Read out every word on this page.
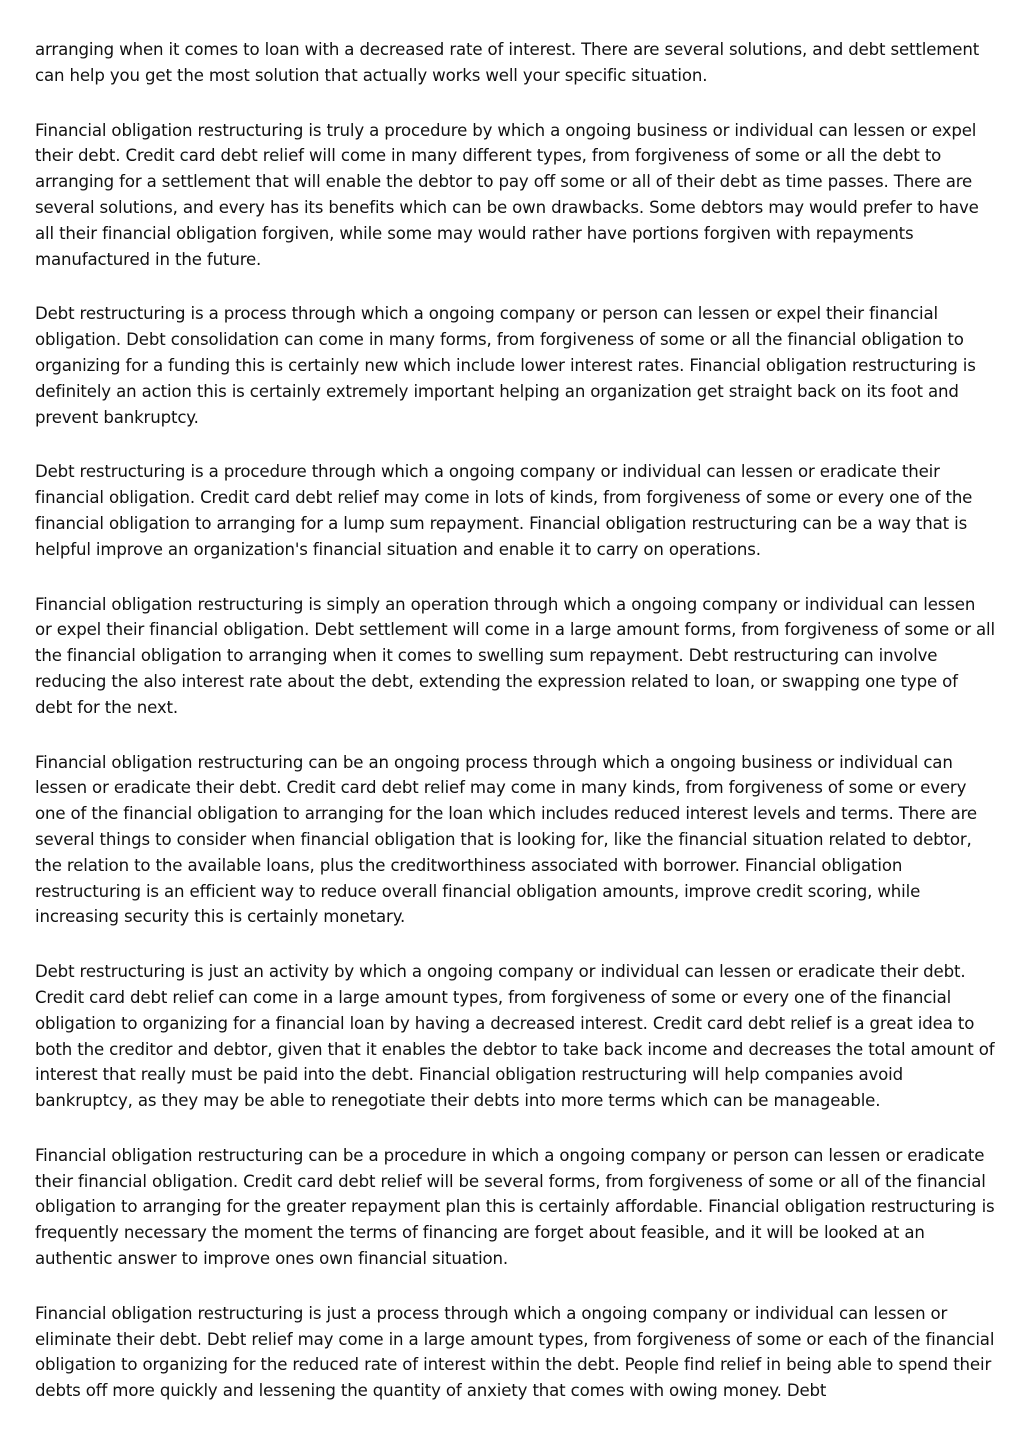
arranging when it comes to loan with a decreased rate of interest. There are several solutions, and debt settlement can help you get the most solution that actually works well your specific situation.

Financial obligation restructuring is truly a procedure by which a ongoing business or individual can lessen or expel their debt. Credit card debt relief will come in many different types, from forgiveness of some or all the debt to arranging for a settlement that will enable the debtor to pay off some or all of their debt as time passes. There are several solutions, and every has its benefits which can be own drawbacks. Some debtors may would prefer to have all their financial obligation forgiven, while some may would rather have portions forgiven with repayments manufactured in the future.

Debt restructuring is a process through which a ongoing company or person can lessen or expel their financial obligation. Debt consolidation can come in many forms, from forgiveness of some or all the financial obligation to organizing for a funding this is certainly new which include lower interest rates. Financial obligation restructuring is definitely an action this is certainly extremely important helping an organization get straight back on its foot and prevent bankruptcy.

Debt restructuring is a procedure through which a ongoing company or individual can lessen or eradicate their financial obligation. Credit card debt relief may come in lots of kinds, from forgiveness of some or every one of the financial obligation to arranging for a lump sum repayment. Financial obligation restructuring can be a way that is helpful improve an organization's financial situation and enable it to carry on operations.

Financial obligation restructuring is simply an operation through which a ongoing company or individual can lessen or expel their financial obligation. Debt settlement will come in a large amount forms, from forgiveness of some or all the financial obligation to arranging when it comes to swelling sum repayment. Debt restructuring can involve reducing the also interest rate about the debt, extending the expression related to loan, or swapping one type of debt for the next.

Financial obligation restructuring can be an ongoing process through which a ongoing business or individual can lessen or eradicate their debt. Credit card debt relief may come in many kinds, from forgiveness of some or every one of the financial obligation to arranging for the loan which includes reduced interest levels and terms. There are several things to consider when financial obligation that is looking for, like the financial situation related to debtor, the relation to the available loans, plus the creditworthiness associated with borrower. Financial obligation restructuring is an efficient way to reduce overall financial obligation amounts, improve credit scoring, while increasing security this is certainly monetary.

Debt restructuring is just an activity by which a ongoing company or individual can lessen or eradicate their debt. Credit card debt relief can come in a large amount types, from forgiveness of some or every one of the financial obligation to organizing for a financial loan by having a decreased interest. Credit card debt relief is a great idea to both the creditor and debtor, given that it enables the debtor to take back income and decreases the total amount of interest that really must be paid into the debt. Financial obligation restructuring will help companies avoid bankruptcy, as they may be able to renegotiate their debts into more terms which can be manageable.

Financial obligation restructuring can be a procedure in which a ongoing company or person can lessen or eradicate their financial obligation. Credit card debt relief will be several forms, from forgiveness of some or all of the financial obligation to arranging for the greater repayment plan this is certainly affordable. Financial obligation restructuring is frequently necessary the moment the terms of financing are forget about feasible, and it will be looked at an authentic answer to improve ones own financial situation.

Financial obligation restructuring is just a process through which a ongoing company or individual can lessen or eliminate their debt. Debt relief may come in a large amount types, from forgiveness of some or each of the financial obligation to organizing for the reduced rate of interest within the debt. People find relief in being able to spend their debts off more quickly and lessening the quantity of anxiety that comes with owing money. Debt
